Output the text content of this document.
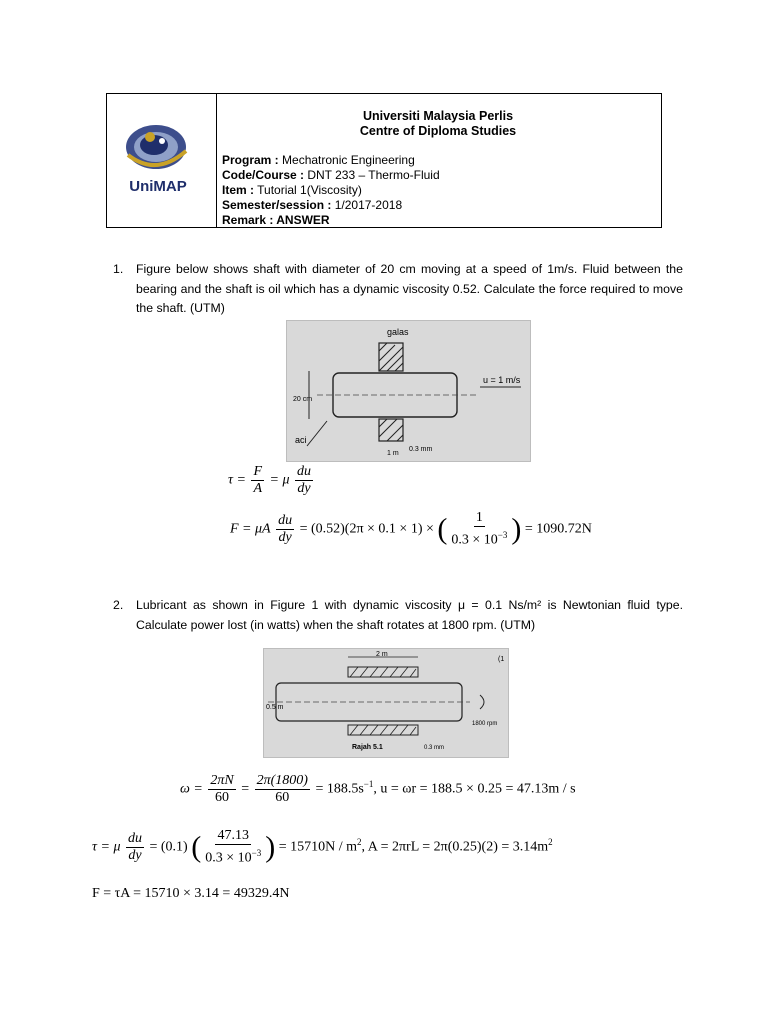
UniMAP
Universiti Malaysia Perlis
Centre of Diploma Studies
Program : Mechatronic Engineering
Code/Course : DNT 233 – Thermo-Fluid
Item : Tutorial 1(Viscosity)
Semester/session : 1/2017-2018
Remark : ANSWER
1. Figure below shows shaft with diameter of 20 cm moving at a speed of 1m/s. Fluid between the bearing and the shaft is oil which has a dynamic viscosity 0.52. Calculate the force required to move the shaft. (UTM)
galas
u = 1 m/s
20 cm
aci
1 m
0.3 mm
$\tau = \frac{F}{A} = \mu \frac{du}{dy}$
F = μA $\frac{du}{dy} = (0.52)(2\pi \times 0.1 \times 1)$ × ( $\frac{1}{0.3 \times 10^{-3}}$ ) = 1090.72N
2. Lubricant as shown in Figure 1 with dynamic viscosity μ = 0.1 Ns/m² is Newtonian fluid type. Calculate power lost (in watts) when the shaft rotates at 1800 rpm. (UTM)
2 m
0.5 m
1800 rpm
Rajah 5.1	0.3 mm
(1
$\omega = \frac{2\pi N}{60} = \frac{2\pi(1800)}{60} = 188.5s^{-1}$, u = ωr = 188.5 × 0.25 = 47.13m / s
τ = μ $\frac{du}{dy} = (0.1)$ ( $\frac{47.13}{0.3 \times 10^{-3}}$ ) = $15710N / m^2$, $A = 2\pi rL = 2\pi(0.25)(2) = 3.14m^2$
F = τA = 15710 × 3.14 = 49329.4N
